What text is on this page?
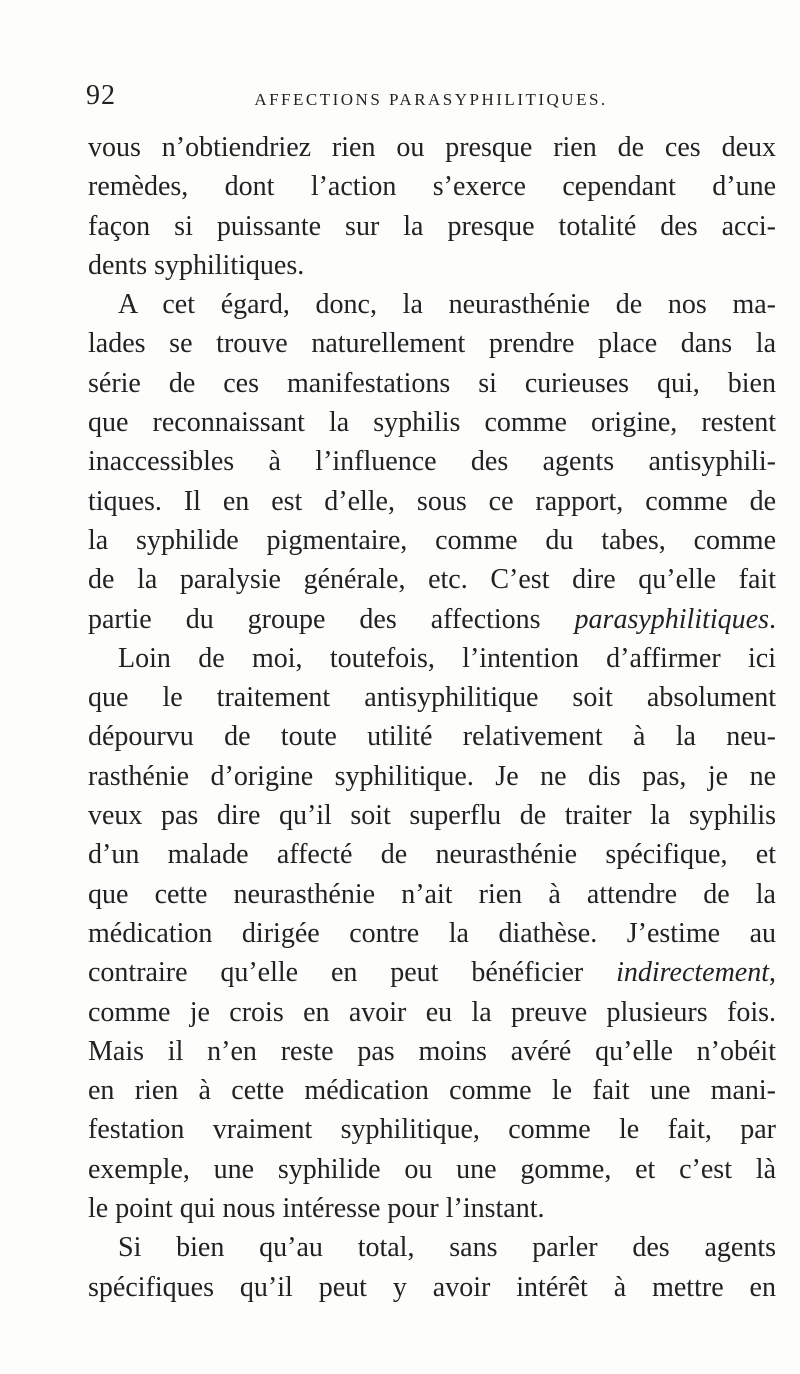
92	AFFECTIONS PARASYPHILITIQUES.
vous n’obtiendriez rien ou presque rien de ces deux
remèdes, dont l’action s’exerce cependant d’une
façon si puissante sur la presque totalité des acci-
dents syphilitiques.
A cet égard, donc, la neurasthénie de nos ma-
lades se trouve naturellement prendre place dans la
série de ces manifestations si curieuses qui, bien
que reconnaissant la syphilis comme origine, restent
inaccessibles à l’influence des agents antisyphili-
tiques. Il en est d’elle, sous ce rapport, comme de
la syphilide pigmentaire, comme du tabes, comme
de la paralysie générale, etc. C’est dire qu’elle fait
partie du groupe des affections parasyphilitiques.
Loin de moi, toutefois, l’intention d’affirmer ici
que le traitement antisyphilitique soit absolument
dépourvu de toute utilité relativement à la neu-
rasthénie d’origine syphilitique. Je ne dis pas, je ne
veux pas dire qu’il soit superflu de traiter la syphilis
d’un malade affecté de neurasthénie spécifique, et
que cette neurasthénie n’ait rien à attendre de la
médication dirigée contre la diathèse. J’estime au
contraire qu’elle en peut bénéficier indirectement,
comme je crois en avoir eu la preuve plusieurs fois.
Mais il n’en reste pas moins avéré qu’elle n’obéit
en rien à cette médication comme le fait une mani-
festation vraiment syphilitique, comme le fait, par
exemple, une syphilide ou une gomme, et c’est là
le point qui nous intéresse pour l’instant.
Si bien qu’au total, sans parler des agents
spécifiques qu’il peut y avoir intérêt à mettre en
